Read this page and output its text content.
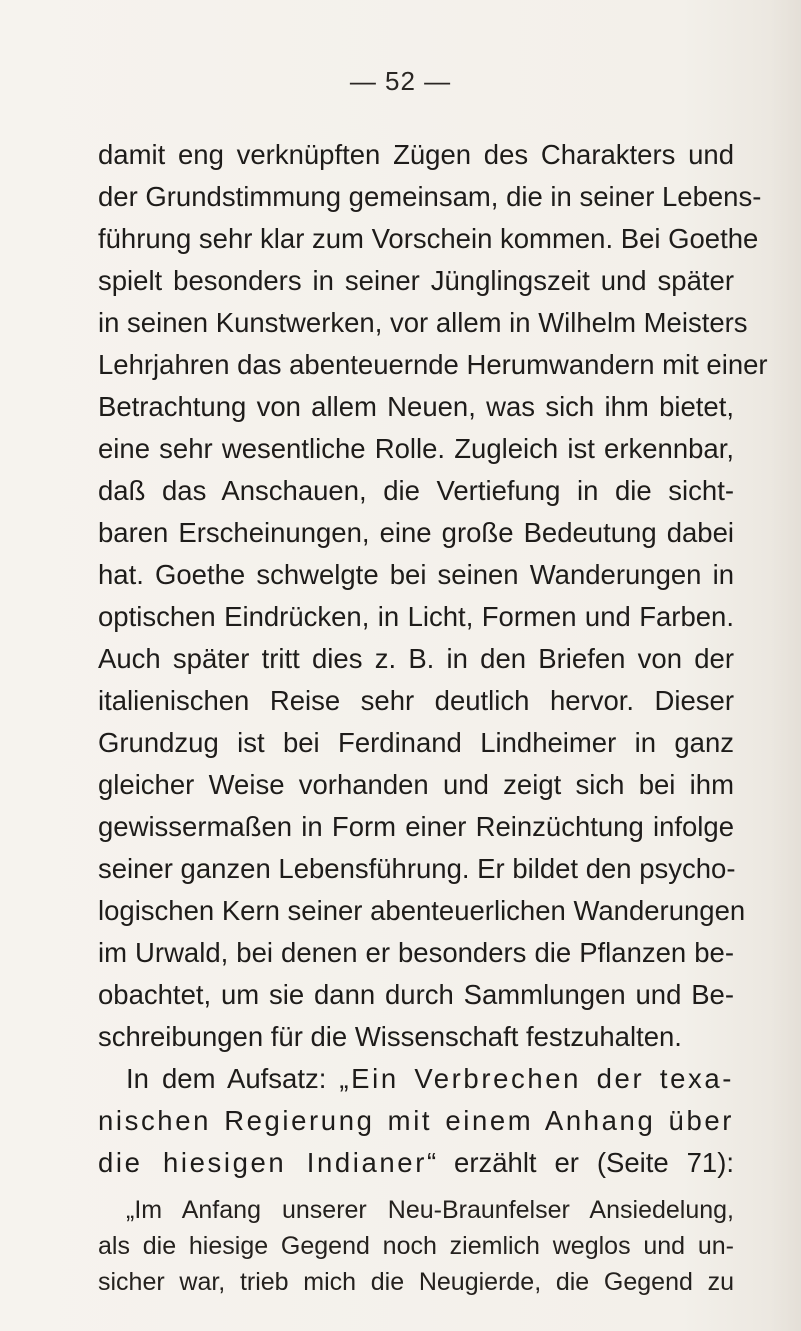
— 52 —
damit eng verknüpften Zügen des Charakters und
der Grundstimmung gemeinsam, die in seiner Lebens-
führung sehr klar zum Vorschein kommen. Bei Goethe
spielt besonders in seiner Jünglingszeit und später
in seinen Kunstwerken, vor allem in Wilhelm Meisters
Lehrjahren das abenteuernde Herumwandern mit einer
Betrachtung von allem Neuen, was sich ihm bietet,
eine sehr wesentliche Rolle. Zugleich ist erkennbar,
daß das Anschauen, die Vertiefung in die sicht-
baren Erscheinungen, eine große Bedeutung dabei
hat. Goethe schwelgte bei seinen Wanderungen in
optischen Eindrücken, in Licht, Formen und Farben.
Auch später tritt dies z. B. in den Briefen von der
italienischen Reise sehr deutlich hervor. Dieser
Grundzug ist bei Ferdinand Lindheimer in ganz
gleicher Weise vorhanden und zeigt sich bei ihm
gewissermaßen in Form einer Reinzüchtung infolge
seiner ganzen Lebensführung. Er bildet den psycho-
logischen Kern seiner abenteuerlichen Wanderungen
im Urwald, bei denen er besonders die Pflanzen be-
obachtet, um sie dann durch Sammlungen und Be-
schreibungen für die Wissenschaft festzuhalten.
In dem Aufsatz: „Ein Verbrechen der texa-
nischen Regierung mit einem Anhang über
die hiesigen Indianer“ erzählt er (Seite 71):
„Im Anfang unserer Neu-Braunfelser Ansiedelung,
als die hiesige Gegend noch ziemlich weglos und un-
sicher war, trieb mich die Neugierde, die Gegend zu
